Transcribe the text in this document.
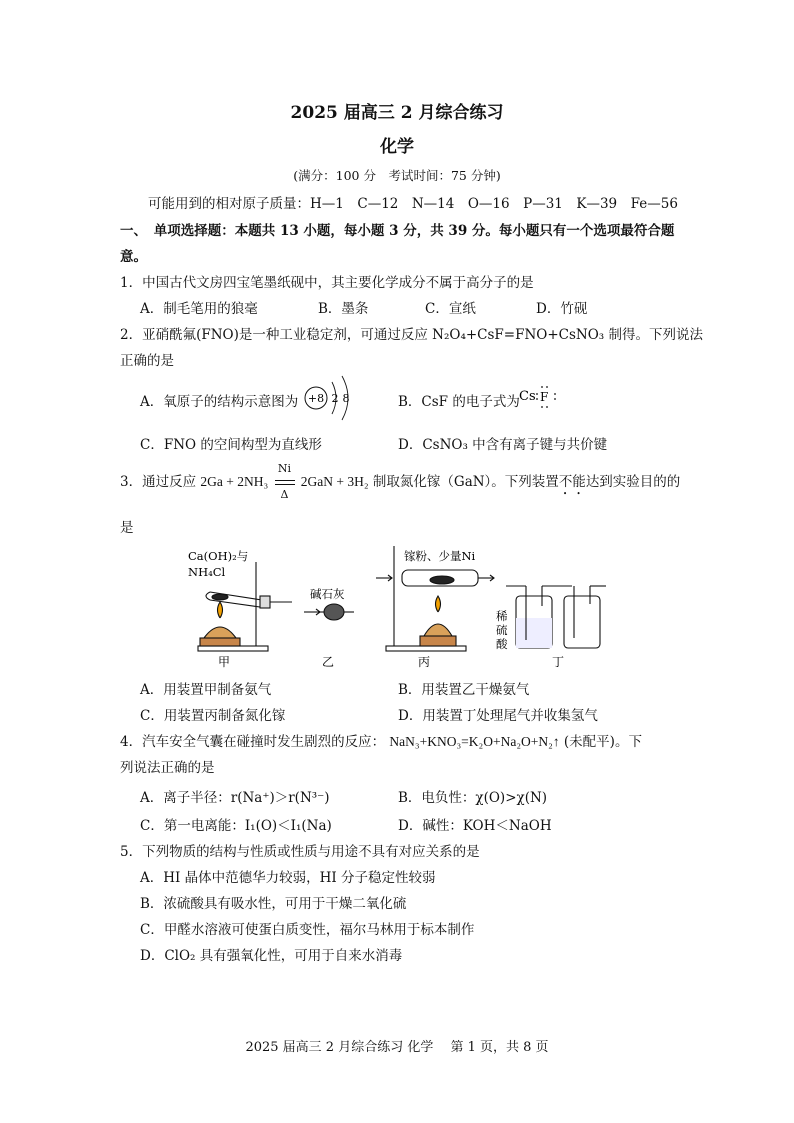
2025 届高三 2 月综合练习
化学
(满分：100 分　考试时间：75 分钟)
可能用到的相对原子质量：H—1　C—12　N—14　O—16　P—31　K—39　Fe—56
一、　单项选择题：本题共 13 小题，每小题 3 分，共 39 分。每小题只有一个选项最符合题
意。
1．中国古代文房四宝笔墨纸砚中，其主要化学成分不属于高分子的是
A．制毛笔用的狼毫	B．墨条	C．宣纸	D．竹砚
2．亚硝酰氟(FNO)是一种工业稳定剂，可通过反应 N₂O₄+CsF=FNO+CsNO₃ 制得。下列说法
正确的是
A．氧原子的结构示意图为 +8 2 8	B．CsF 的电子式为 Cs F
C．FNO 的空间构型为直线形	D．CsNO₃ 中含有离子键与共价键
3．通过反应 $2Ga + 2NH_3 \frac{Ni}{\Delta} 2GaN + 3H_2$ 制取氮化镓（GaN）。下列装置不能达到实验目的的
是
Ca(OH)₂与
NH₄Cl
碱石灰
镓粉、少量Ni
稀
硫
酸
甲	乙	丙	丁
A．用装置甲制备氨气	B．用装置乙干燥氨气
C．用装置丙制备氮化镓	D．用装置丁处理尾气并收集氢气
4．汽车安全气囊在碰撞时发生剧烈的反应： NaN₃+KNO₃=K₂O+Na₂O+N₂↑ (未配平)。下
列说法正确的是
A．离子半径：r(Na⁺)＞r(N³⁻)	B．电负性：χ(O)>χ(N)
C．第一电离能：I₁(O)＜I₁(Na)	D．碱性：KOH＜NaOH
5．下列物质的结构与性质或性质与用途不具有对应关系的是
A．HI 晶体中范德华力较弱，HI 分子稳定性较弱
B．浓硫酸具有吸水性，可用于干燥二氧化硫
C．甲醛水溶液可使蛋白质变性，福尔马林用于标本制作
D．ClO₂ 具有强氧化性，可用于自来水消毒
2025 届高三 2 月综合练习 化学　 第 1 页，共 8 页
